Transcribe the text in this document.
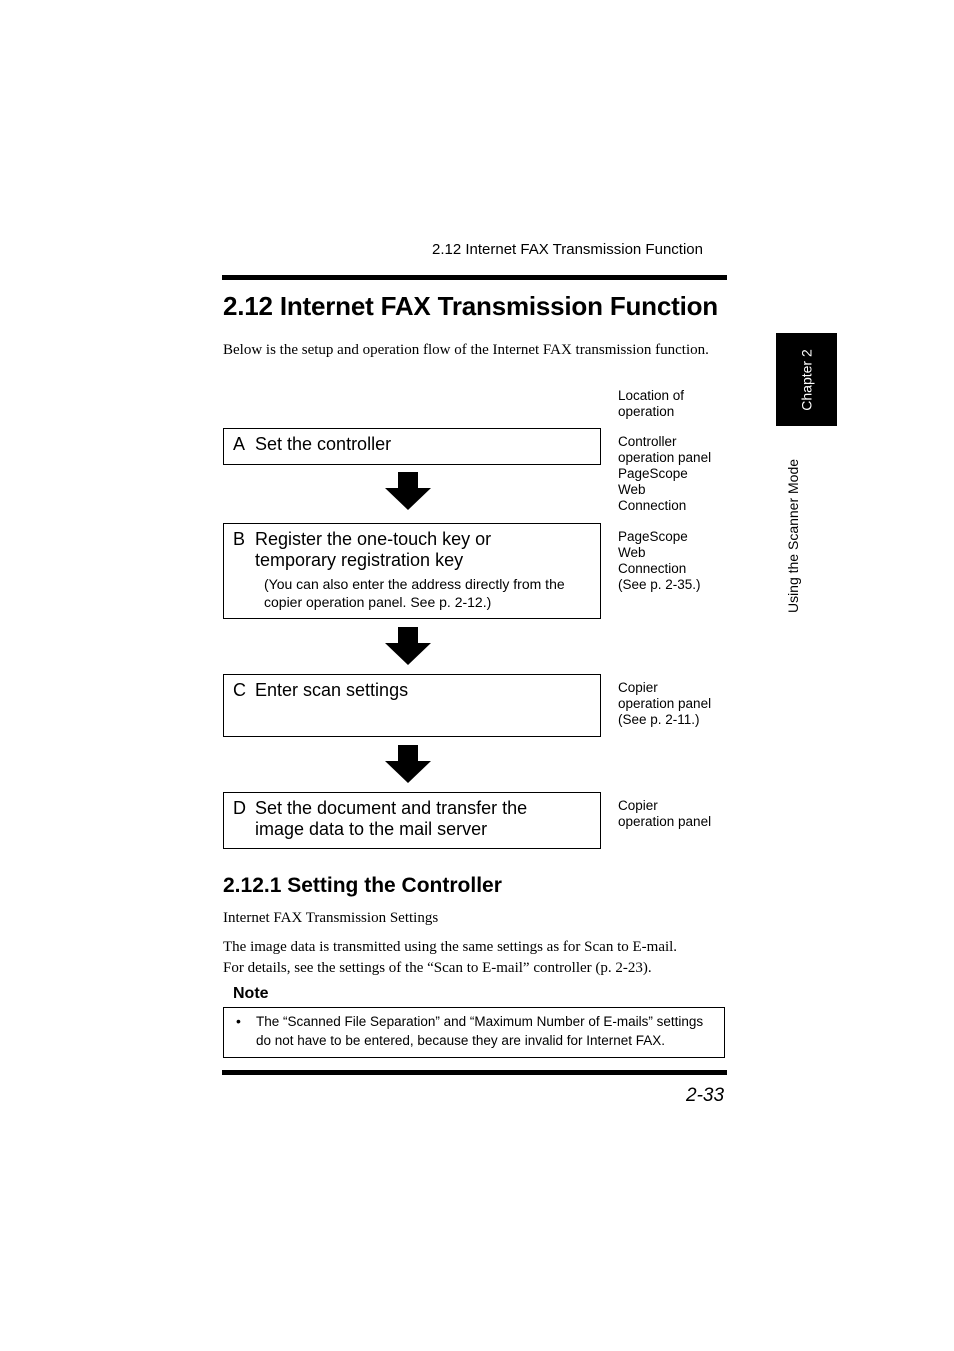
2.12 Internet FAX Transmission Function
Chapter 2
Using the Scanner Mode
2.12 Internet FAX Transmission Function
Below is the setup and operation flow of the Internet FAX transmission function.
Location of
operation
A Set the controller	Controller
operation panel
PageScope
Web
Connection
B Register the one-touch key or
temporary registration key
(You can also enter the address directly from the
copier operation panel. See p. 2-12.)
PageScope
Web
Connection
(See p. 2-35.)
C Enter scan settings	Copier
operation panel
(See p. 2-11.)
D Set the document and transfer the
image data to the mail server
Copier
operation panel
2.12.1 Setting the Controller
Internet FAX Transmission Settings
The image data is transmitted using the same settings as for Scan to E-mail.
For details, see the settings of the “Scan to E-mail” controller (p. 2-23).
Note
• The “Scanned File Separation” and “Maximum Number of E-mails” settings
do not have to be entered, because they are invalid for Internet FAX.
2-33
